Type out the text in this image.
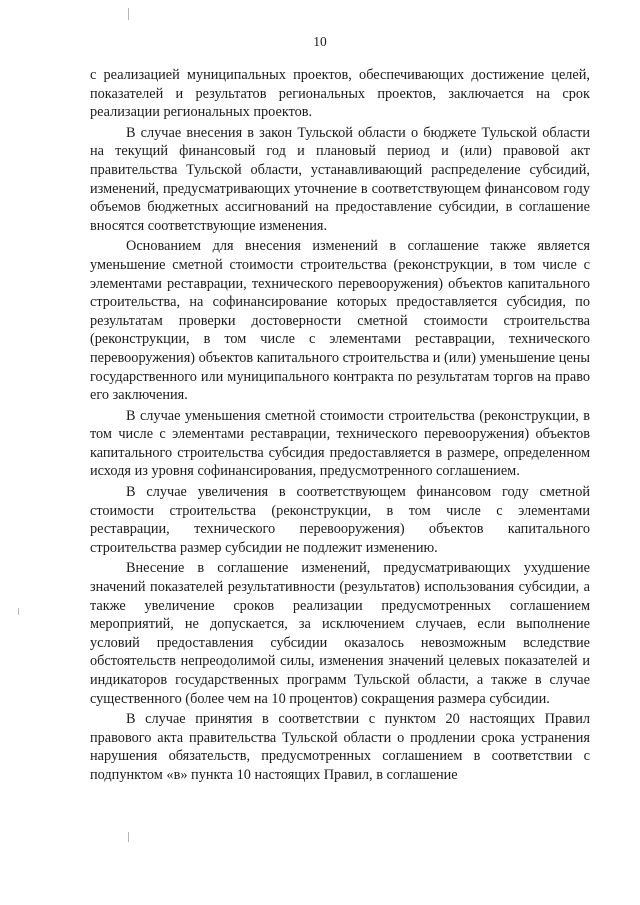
10

с реализацией муниципальных проектов, обеспечивающих достижение целей, показателей и результатов региональных проектов, заключается на срок реализации региональных проектов.

В случае внесения в закон Тульской области о бюджете Тульской области на текущий финансовый год и плановый период и (или) правовой акт правительства Тульской области, устанавливающий распределение субсидий, изменений, предусматривающих уточнение в соответствующем финансовом году объемов бюджетных ассигнований на предоставление субсидии, в соглашение вносятся соответствующие изменения.

Основанием для внесения изменений в соглашение также является уменьшение сметной стоимости строительства (реконструкции, в том числе с элементами реставрации, технического перевооружения) объектов капитального строительства, на софинансирование которых предоставляется субсидия, по результатам проверки достоверности сметной стоимости строительства (реконструкции, в том числе с элементами реставрации, технического перевооружения) объектов капитального строительства и (или) уменьшение цены государственного или муниципального контракта по результатам торгов на право его заключения.

В случае уменьшения сметной стоимости строительства (реконструкции, в том числе с элементами реставрации, технического перевооружения) объектов капитального строительства субсидия предоставляется в размере, определенном исходя из уровня софинансирования, предусмотренного соглашением.

В случае увеличения в соответствующем финансовом году сметной стоимости строительства (реконструкции, в том числе с элементами реставрации, технического перевооружения) объектов капитального строительства размер субсидии не подлежит изменению.

Внесение в соглашение изменений, предусматривающих ухудшение значений показателей результативности (результатов) использования субсидии, а также увеличение сроков реализации предусмотренных соглашением мероприятий, не допускается, за исключением случаев, если выполнение условий предоставления субсидии оказалось невозможным вследствие обстоятельств непреодолимой силы, изменения значений целевых показателей и индикаторов государственных программ Тульской области, а также в случае существенного (более чем на 10 процентов) сокращения размера субсидии.

В случае принятия в соответствии с пунктом 20 настоящих Правил правового акта правительства Тульской области о продлении срока устранения нарушения обязательств, предусмотренных соглашением в соответствии с подпунктом «в» пункта 10 настоящих Правил, в соглашение
